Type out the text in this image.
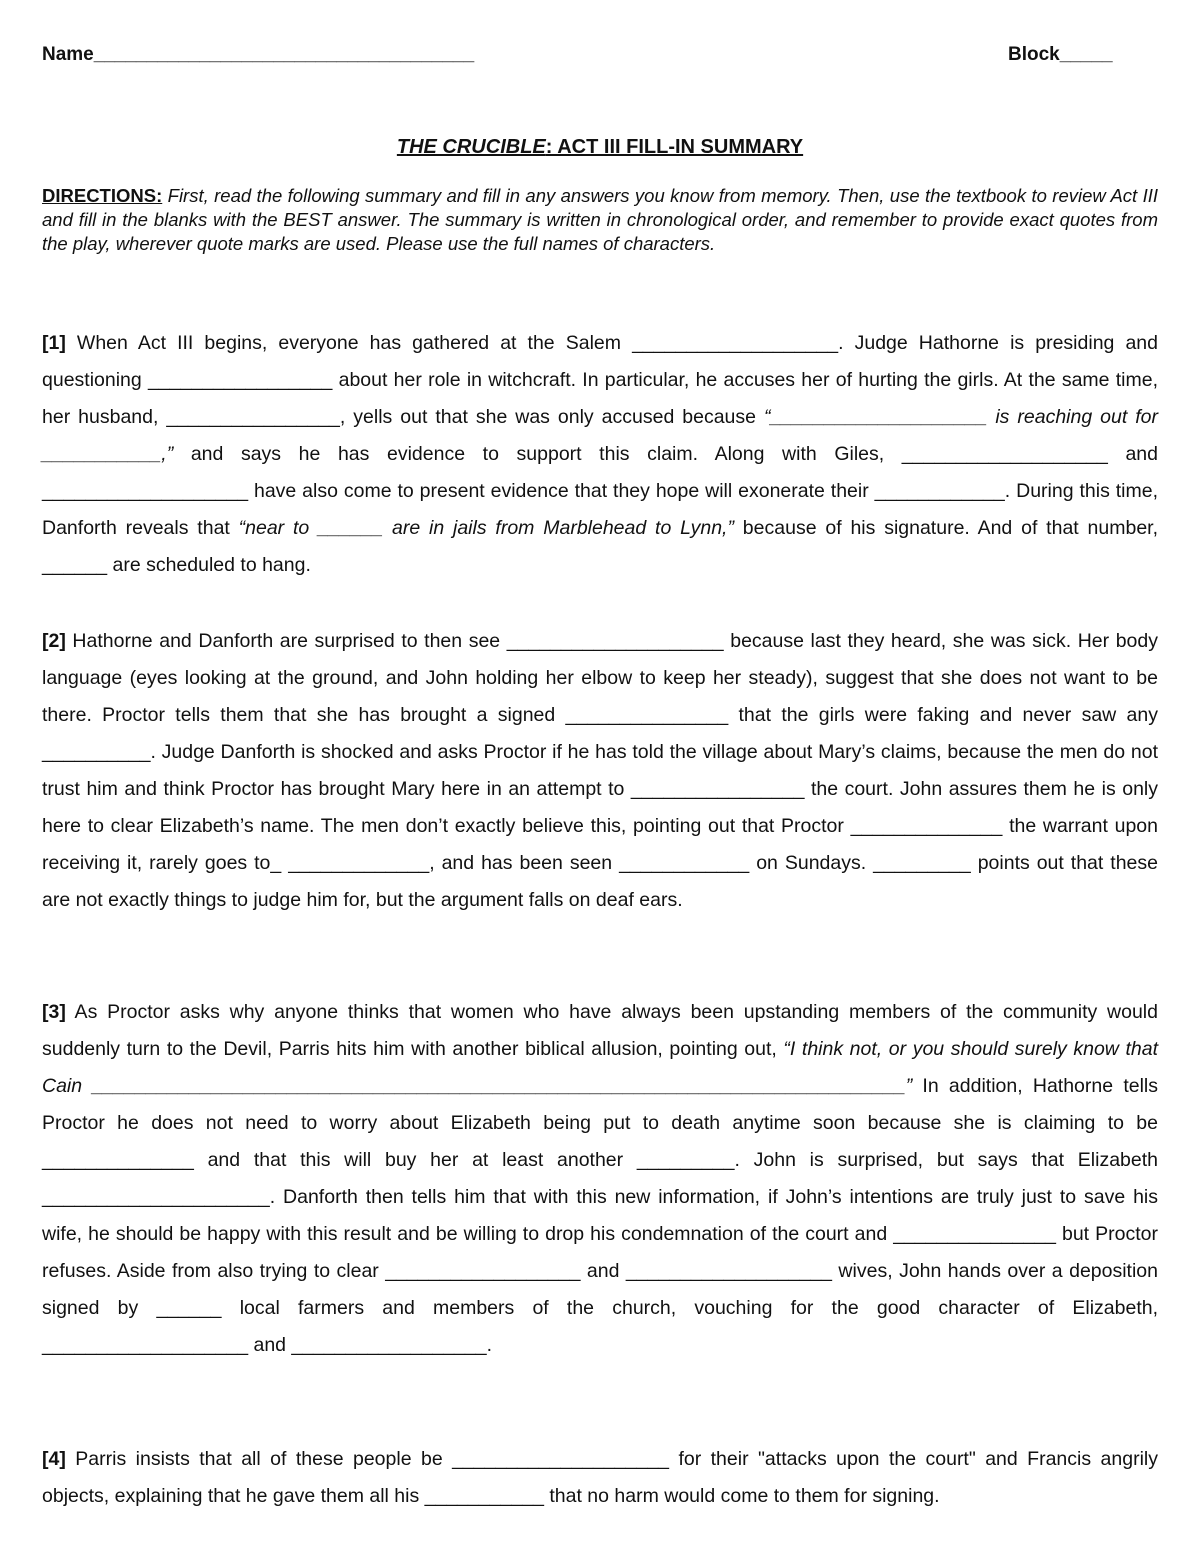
Name____________________________________	Block_____
THE CRUCIBLE: ACT III FILL-IN SUMMARY
DIRECTIONS: First, read the following summary and fill in any answers you know from memory. Then, use the textbook to review Act III and fill in the blanks with the BEST answer. The summary is written in chronological order, and remember to provide exact quotes from the play, wherever quote marks are used. Please use the full names of characters.
[1] When Act III begins, everyone has gathered at the Salem ___________________. Judge Hathorne is presiding and questioning _________________ about her role in witchcraft. In particular, he accuses her of hurting the girls. At the same time, her husband, ________________, yells out that she was only accused because “____________________ is reaching out for ___________,” and says he has evidence to support this claim. Along with Giles, ___________________ and ___________________ have also come to present evidence that they hope will exonerate their ____________. During this time, Danforth reveals that “near to ______ are in jails from Marblehead to Lynn,” because of his signature. And of that number, ______ are scheduled to hang.
[2] Hathorne and Danforth are surprised to then see ____________________ because last they heard, she was sick. Her body language (eyes looking at the ground, and John holding her elbow to keep her steady), suggest that she does not want to be there. Proctor tells them that she has brought a signed _______________ that the girls were faking and never saw any __________. Judge Danforth is shocked and asks Proctor if he has told the village about Mary’s claims, because the men do not trust him and think Proctor has brought Mary here in an attempt to ________________ the court. John assures them he is only here to clear Elizabeth’s name. The men don’t exactly believe this, pointing out that Proctor ______________ the warrant upon receiving it, rarely goes to_ _____________, and has been seen ____________ on Sundays. _________ points out that these are not exactly things to judge him for, but the argument falls on deaf ears.
[3] As Proctor asks why anyone thinks that women who have always been upstanding members of the community would suddenly turn to the Devil, Parris hits him with another biblical allusion, pointing out, “I think not, or you should surely know that Cain ___________________________________________________________________________” In addition, Hathorne tells Proctor he does not need to worry about Elizabeth being put to death anytime soon because she is claiming to be ______________ and that this will buy her at least another _________. John is surprised, but says that Elizabeth _____________________. Danforth then tells him that with this new information, if John’s intentions are truly just to save his wife, he should be happy with this result and be willing to drop his condemnation of the court and _______________ but Proctor refuses. Aside from also trying to clear __________________ and ___________________ wives, John hands over a deposition signed by ______ local farmers and members of the church, vouching for the good character of Elizabeth, ___________________ and __________________.
[4] Parris insists that all of these people be ____________________ for their "attacks upon the court" and Francis angrily objects, explaining that he gave them all his ___________ that no harm would come to them for signing.
